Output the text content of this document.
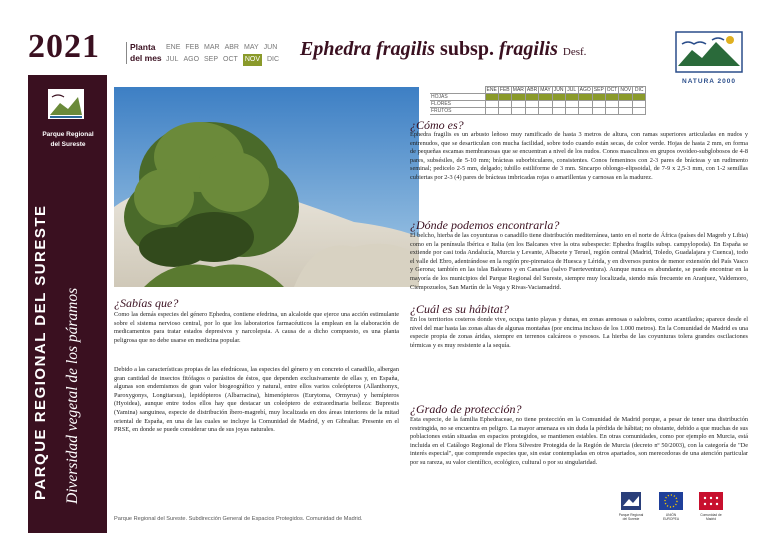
2021	Planta
del mes
ENE FEB MAR ABR MAY JUN
JUL AGO SEP OCT NOV DIC Ephedra fragilis subsp. fragilis Desf.
NATURA 2000
	ENE	FEB	MAR	ABR	MAY	JUN	JUL	AGO	SEP	OCT	NOV	DIC
HOJAS												
FLORES												
FRUTOS												
Parque Regional
del Sureste
PARQUE REGIONAL DEL SURESTE Diversidad vegetal de los páramos
¿Cómo es?
Ephedra fragilis es un arbusto leñoso muy ramificado de hasta 3 metros de altura, con ramas superiores articuladas en nudos y entrenudos, que se desarticulan con mucha facilidad, sobre todo cuando están secas, de color verde. Hojas de hasta 2 mm, en forma de pequeñas escamas membranosas que se encuentran a nivel de los nudos. Conos masculinos en grupos ovoideo-subglobosos de 4-8 pares, subsésiles, de 5-10 mm; brácteas suborbiculares, consistentes. Conos femeninos con 2-3 pares de brácteas y un rudimento seminal; pedicelo 2-5 mm, delgado; tubillo estiliforme de 3 mm. Sincarpo oblongo-elipsoidal, de 7-9 x 2,5-3 mm, con 1-2 semillas cubiertas por 2-3 (4) pares de brácteas imbricadas rojas o amarillentas y carnosas en la madurez.
¿Dónde podemos encontrarla?
El belcho, hierba de las coyunturas o canadillo tiene distribución mediterránea, tanto en el norte de África (países del Magreb y Libia) como en la península Ibérica e Italia (en los Balcanes vive la otra subespecie: Ephedra fragilis subsp. campylopoda). En España se extiende por casi toda Andalucía, Murcia y Levante, Albacete y Teruel, región central (Madrid, Toledo, Guadalajara y Cuenca), todo el valle del Ebro, adentrándose en la región pre-pirenaica de Huesca y Lérida, y en diversos puntos de menor extensión del País Vasco y Gerona; también en las islas Baleares y en Canarias (salvo Fuerteventura). Aunque nunca es abundante, se puede encontrar en la mayoría de los municipios del Parque Regional del Sureste, siempre muy localizada, siendo más frecuente en Aranjuez, Valdemoro, Ciempozuelos, San Martín de la Vega y Rivas-Vaciamadrid.
¿Cuál es su hábitat?
En los territorios costeros donde vive, ocupa tanto playas y dunas, en zonas arenosas o salobres, como acantilados; aparece desde el nivel del mar hasta las zonas altas de algunas montañas (por encima incluso de los 1.000 metros). En la Comunidad de Madrid es una especie propia de zonas áridas, siempre en terrenos calcáreos o yesosos. La hierba de las coyunturas tolera grandes oscilaciones térmicas y es muy resistente a la sequía.
¿Grado de protección?
Esta especie, de la familia Ephedraceae, no tiene protección en la Comunidad de Madrid porque, a pesar de tener una distribución restringida, no se encuentra en peligro. La mayor amenaza es sin duda la pérdida de hábitat; no obstante, debido a que muchas de sus poblaciones están situadas en espacios protegidos, se mantienen estables. En otras comunidades, como por ejemplo en Murcia, está incluida en el Catálogo Regional de Flora Silvestre Protegida de la Región de Murcia (decreto nº 50/2003), con la categoría de "De interés especial", que comprende especies que, sin estar contempladas en otros apartados, son merecedoras de una atención particular por su rareza, su valor científico, ecológico, cultural o por su singularidad.
¿Sabías que?
Como las demás especies del género Ephedra, contiene efedrina, un alcaloide que ejerce una acción estimulante sobre el sistema nervioso central, por lo que los laboratorios farmacéuticos la emplean en la elaboración de medicamentos para tratar estados depresivos y narcolepsia. A causa de a dicho compuesto, es una planta peligrosa que no debe usarse en medicina popular.
Debido a las características propias de las efedráceas, las especies del género y en concreto el canadillo, albergan gran cantidad de insectos fitófagos o parásitos de éstos, que dependen exclusivamente de ellas y, en España, algunas son endemismos de gran valor biogeográfico y natural, entre ellos varios coleópteros (Allanthonyx, Paroxygonys, Longitarsus), lepidópteros (Albarracina), himenópteros (Eurytoma, Ormyrus) y hemípteros (Hyoidea), aunque entre todos ellos hay que destacar un coleóptero de extraordinaria belleza: Buprestis (Yamina) sanguinea, especie de distribución íbero-magrebí, muy localizada en dos áreas interiores de la mitad oriental de España, en una de las cuales se incluye la Comunidad de Madrid, y en Gibraltar. Presente en el PRSE, en donde se puede considerar una de sus joyas naturales.
Parque Regional del Sureste. Subdirección General de Espacios Protegidos. Comunidad de Madrid.
Parque Regional del Sureste
UNIÓN EUROPEA
Comunidad de Madrid
